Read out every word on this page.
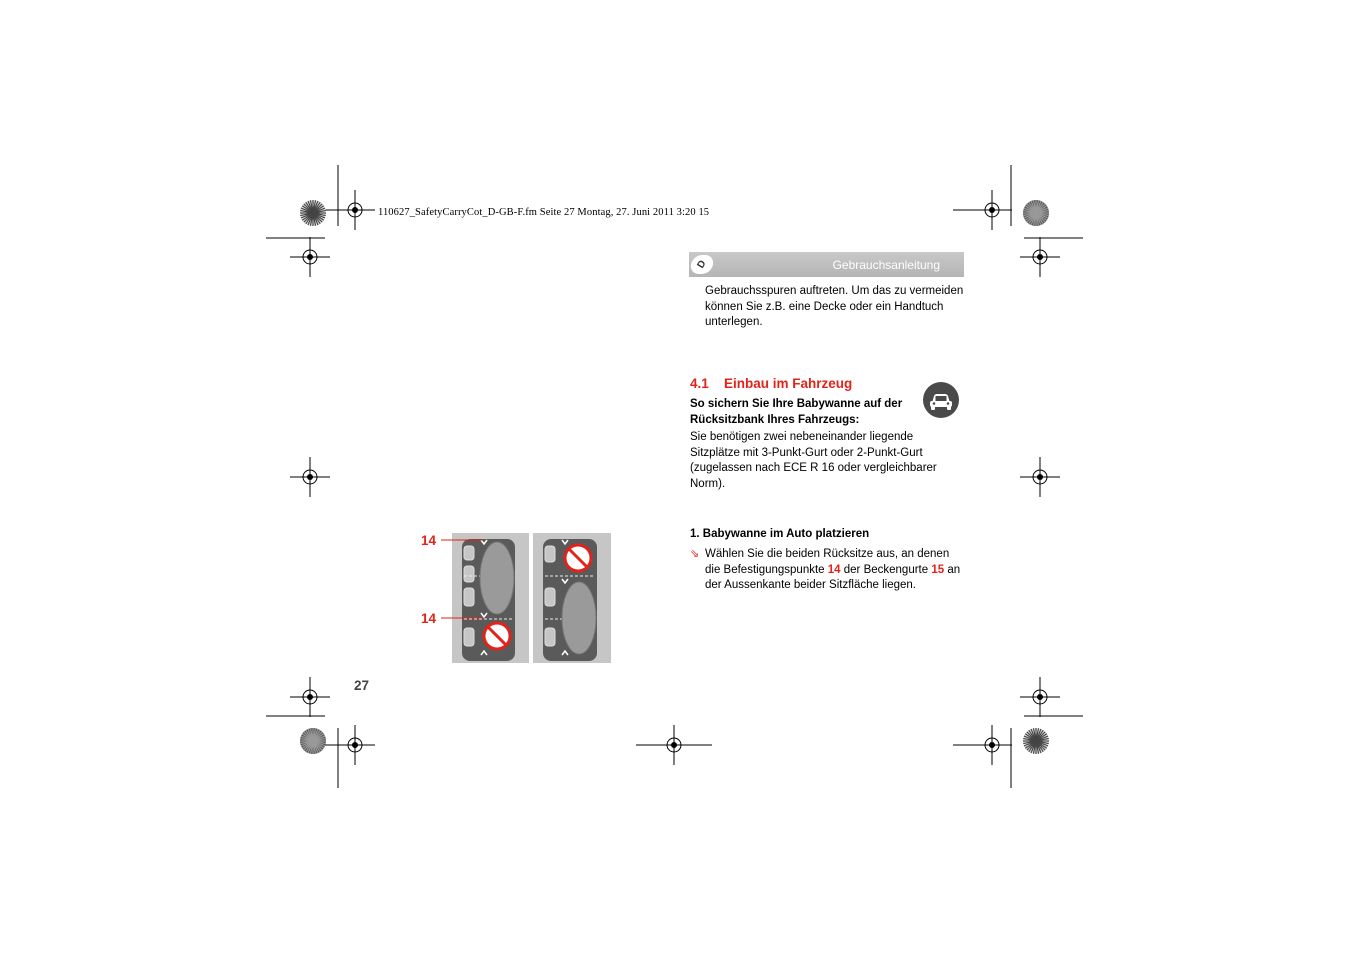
110627_SafetyCarryCot_D-GB-F.fm Seite 27 Montag, 27. Juni 2011 3:20 15
D	Gebrauchsanleitung
Gebrauchsspuren auftreten. Um das zu vermeiden können Sie z.B. eine Decke oder ein Handtuch unterlegen.
4.1 Einbau im Fahrzeug
So sichern Sie Ihre Babywanne auf der Rücksitzbank Ihres Fahrzeugs:
Sie benötigen zwei nebeneinander liegende Sitzplätze mit 3-Punkt-Gurt oder 2-Punkt-Gurt (zugelassen nach ECE R 16 oder vergleichbarer Norm).
1. Babywanne im Auto platzieren
⇘ Wählen Sie die beiden Rücksitze aus, an denen die Befestigungspunkte 14 der Beckengurte 15 an der Aussenkante beider Sitzfläche liegen.
14
14
27
